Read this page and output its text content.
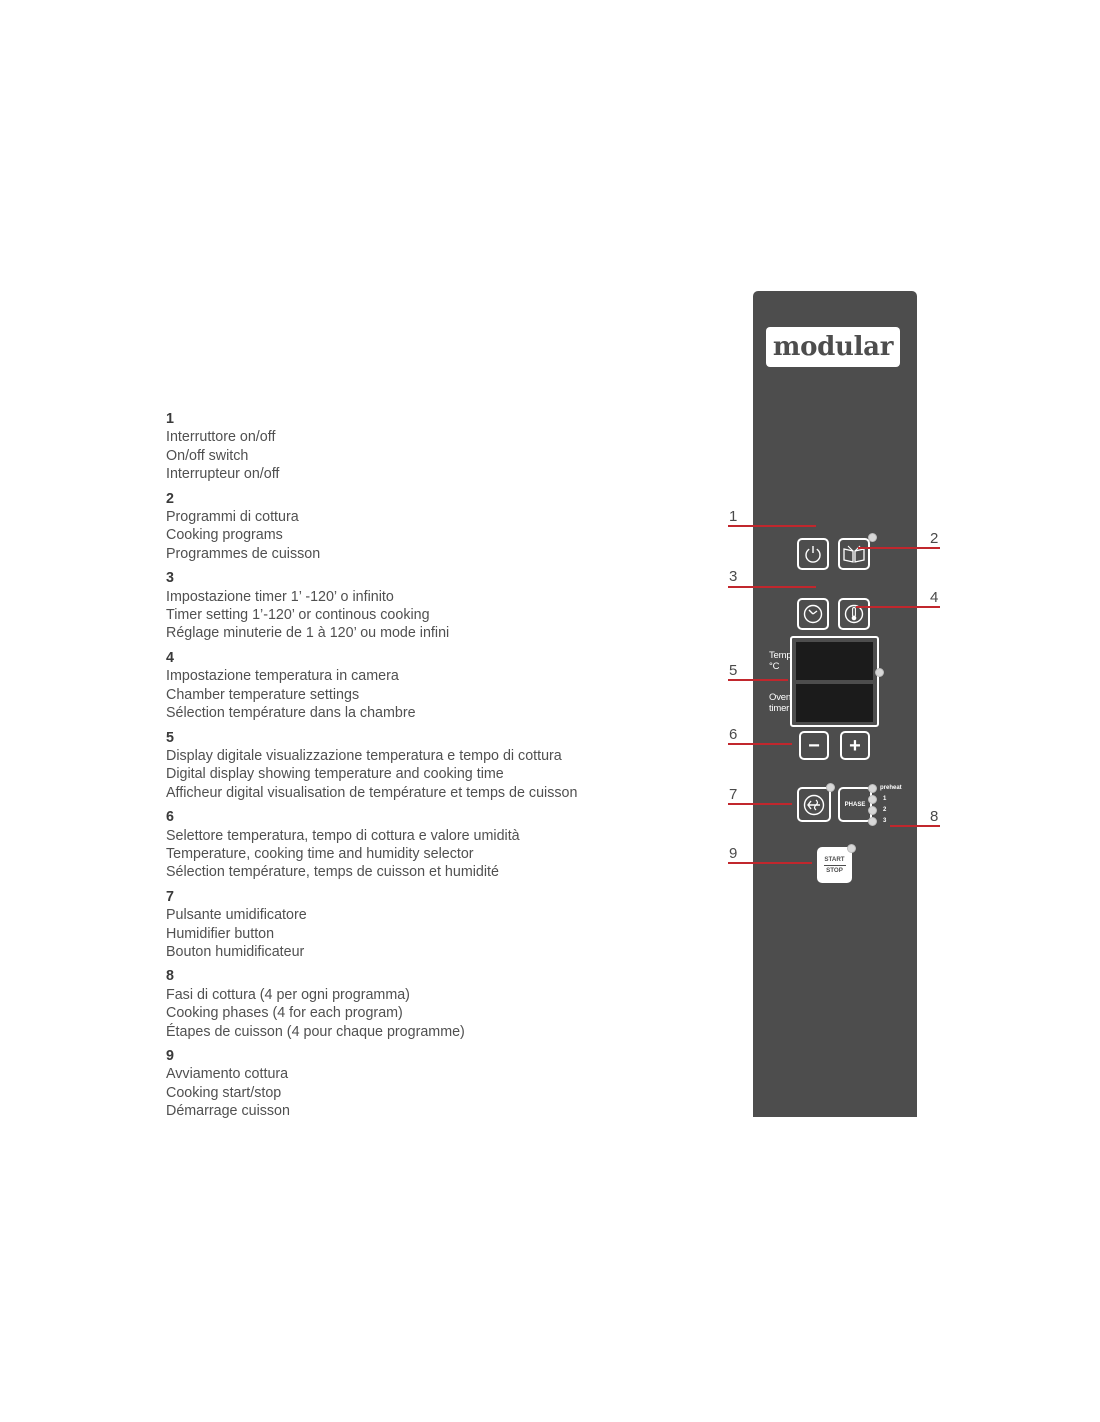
1
Interruttore on/off
On/off switch
Interrupteur on/off
2
Programmi di cottura
Cooking programs
Programmes de cuisson
3
Impostazione timer 1’ -120’ o infinito
Timer setting 1’-120’ or continous cooking
Réglage minuterie de 1 à 120’ ou mode infini
4
Impostazione temperatura in camera
Chamber temperature settings
Sélection température dans la chambre
5
Display digitale visualizzazione temperatura e tempo di cottura
Digital display showing temperature and cooking time
Afficheur digital visualisation de température et temps de cuisson
6
Selettore temperatura, tempo di cottura e valore umidità
Temperature, cooking time and humidity selector
Sélection température, temps de cuisson et humidité
7
Pulsante umidificatore
Humidifier button
Bouton humidificateur
8
Fasi di cottura (4 per ogni programma)
Cooking phases (4 for each program)
Étapes de cuisson (4 pour chaque programme)
9
Avviamento cottura
Cooking start/stop
Démarrage cuisson
modular
Temp
°C
Oven
timer
− +
PHASE
preheat
1
2
3
START
STOP
1
2
3
4
5
6
7
8
9
